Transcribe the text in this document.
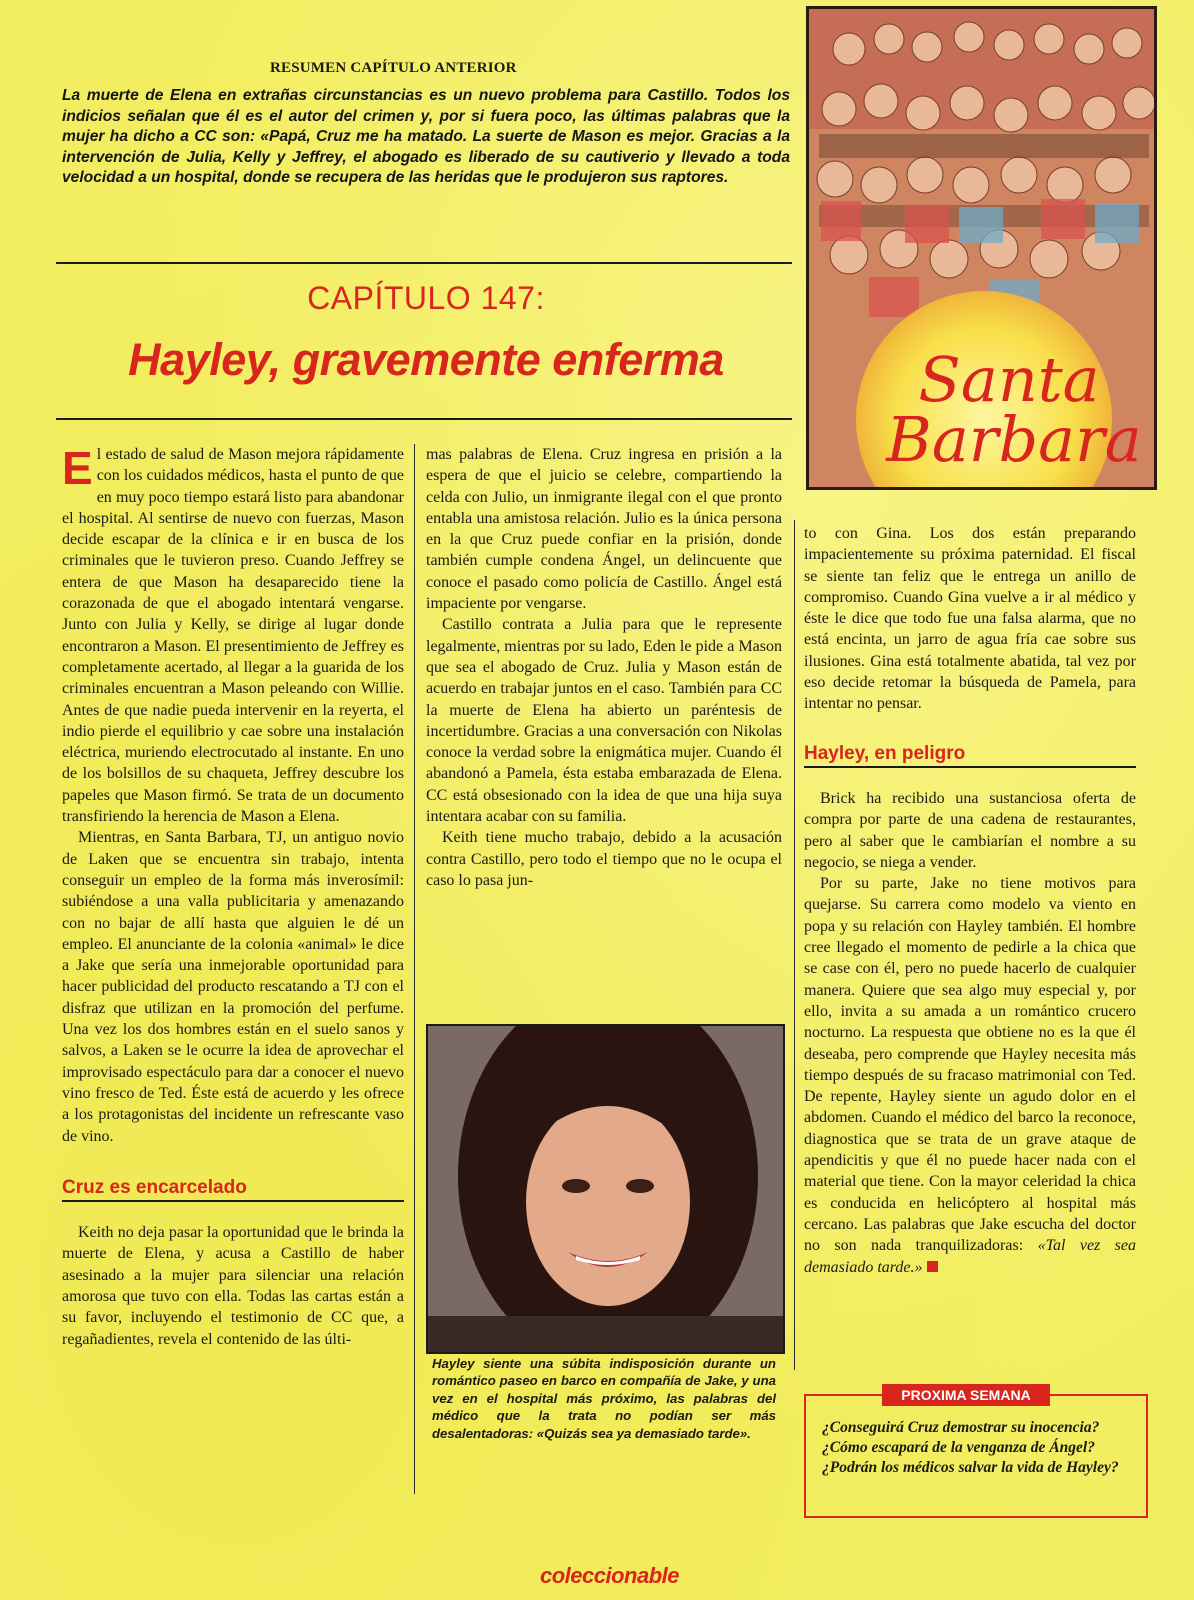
RESUMEN CAPÍTULO ANTERIOR
La muerte de Elena en extrañas circunstancias es un nuevo problema para Castillo. Todos los indicios señalan que él es el autor del crimen y, por si fuera poco, las últimas palabras que la mujer ha dicho a CC son: «Papá, Cruz me ha matado. La suerte de Mason es mejor. Gracias a la intervención de Julia, Kelly y Jeffrey, el abogado es liberado de su cautiverio y llevado a toda velocidad a un hospital, donde se recupera de las heridas que le produjeron sus raptores.
CAPÍTULO 147:
Hayley, gravemente enferma	Santa
Barbara

El estado de salud de Mason mejora rápidamente con los cuidados médicos, hasta el punto de que en muy poco tiempo estará listo para abandonar el hospital. Al sentirse de nuevo con fuerzas, Mason decide escapar de la clínica e ir en busca de los criminales que le tuvieron preso. Cuando Jeffrey se entera de que Mason ha desaparecido tiene la corazonada de que el abogado intentará vengarse. Junto con Julia y Kelly, se dirige al lugar donde encontraron a Mason. El presentimiento de Jeffrey es completamente acertado, al llegar a la guarida de los criminales encuentran a Mason peleando con Willie. Antes de que nadie pueda intervenir en la reyerta, el indio pierde el equilibrio y cae sobre una instalación eléctrica, muriendo electrocutado al instante. En uno de los bolsillos de su chaqueta, Jeffrey descubre los papeles que Mason firmó. Se trata de un documento transfiriendo la herencia de Mason a Elena.

Mientras, en Santa Barbara, TJ, un antiguo novio de Laken que se encuentra sin trabajo, intenta conseguir un empleo de la forma más inverosímil: subiéndose a una valla publicitaria y amenazando con no bajar de allí hasta que alguien le dé un empleo. El anunciante de la colonia «animal» le dice a Jake que sería una inmejorable oportunidad para hacer publicidad del producto rescatando a TJ con el disfraz que utilizan en la promoción del perfume. Una vez los dos hombres están en el suelo sanos y salvos, a Laken se le ocurre la idea de aprovechar el improvisado espectáculo para dar a conocer el nuevo vino fresco de Ted. Éste está de acuerdo y les ofrece a los protagonistas del incidente un refrescante vaso de vino.

Cruz es encarcelado

Keith no deja pasar la oportunidad que le brinda la muerte de Elena, y acusa a Castillo de haber asesinado a la mujer para silenciar una relación amorosa que tuvo con ella. Todas las cartas están a su favor, incluyendo el testimonio de CC que, a regañadientes, revela el contenido de las últi-

mas palabras de Elena. Cruz ingresa en prisión a la espera de que el juicio se celebre, compartiendo la celda con Julio, un inmigrante ilegal con el que pronto entabla una amistosa relación. Julio es la única persona en la que Cruz puede confiar en la prisión, donde también cumple condena Ángel, un delincuente que conoce el pasado como policía de Castillo. Ángel está impaciente por vengarse.

Castillo contrata a Julia para que le represente legalmente, mientras por su lado, Eden le pide a Mason que sea el abogado de Cruz. Julia y Mason están de acuerdo en trabajar juntos en el caso. También para CC la muerte de Elena ha abierto un paréntesis de incertidumbre. Gracias a una conversación con Nikolas conoce la verdad sobre la enigmática mujer. Cuando él abandonó a Pamela, ésta estaba embarazada de Elena. CC está obsesionado con la idea de que una hija suya intentara acabar con su familia.

Keith tiene mucho trabajo, debido a la acusación contra Castillo, pero todo el tiempo que no le ocupa el caso lo pasa jun-

Hayley siente una súbita indisposición durante un romántico paseo en barco en compañía de Jake, y una vez en el hospital más próximo, las palabras del médico que la trata no podían ser más desalentadoras: «Quizás sea ya demasiado tarde».

to con Gina. Los dos están preparando impacientemente su próxima paternidad. El fiscal se siente tan feliz que le entrega un anillo de compromiso. Cuando Gina vuelve a ir al médico y éste le dice que todo fue una falsa alarma, que no está encinta, un jarro de agua fría cae sobre sus ilusiones. Gina está totalmente abatida, tal vez por eso decide retomar la búsqueda de Pamela, para intentar no pensar.

Hayley, en peligro

Brick ha recibido una sustanciosa oferta de compra por parte de una cadena de restaurantes, pero al saber que le cambiarían el nombre a su negocio, se niega a vender.

Por su parte, Jake no tiene motivos para quejarse. Su carrera como modelo va viento en popa y su relación con Hayley también. El hombre cree llegado el momento de pedirle a la chica que se case con él, pero no puede hacerlo de cualquier manera. Quiere que sea algo muy especial y, por ello, invita a su amada a un romántico crucero nocturno. La respuesta que obtiene no es la que él deseaba, pero comprende que Hayley necesita más tiempo después de su fracaso matrimonial con Ted. De repente, Hayley siente un agudo dolor en el abdomen. Cuando el médico del barco la reconoce, diagnostica que se trata de un grave ataque de apendicitis y que él no puede hacer nada con el material que tiene. Con la mayor celeridad la chica es conducida en helicóptero al hospital más cercano. Las palabras que Jake escucha del doctor no son nada tranquilizadoras: «Tal vez sea demasiado tarde.»

PROXIMA SEMANA
¿Conseguirá Cruz demostrar su inocencia? ¿Cómo escapará de la venganza de Ángel? ¿Podrán los médicos salvar la vida de Hayley?
coleccionable
